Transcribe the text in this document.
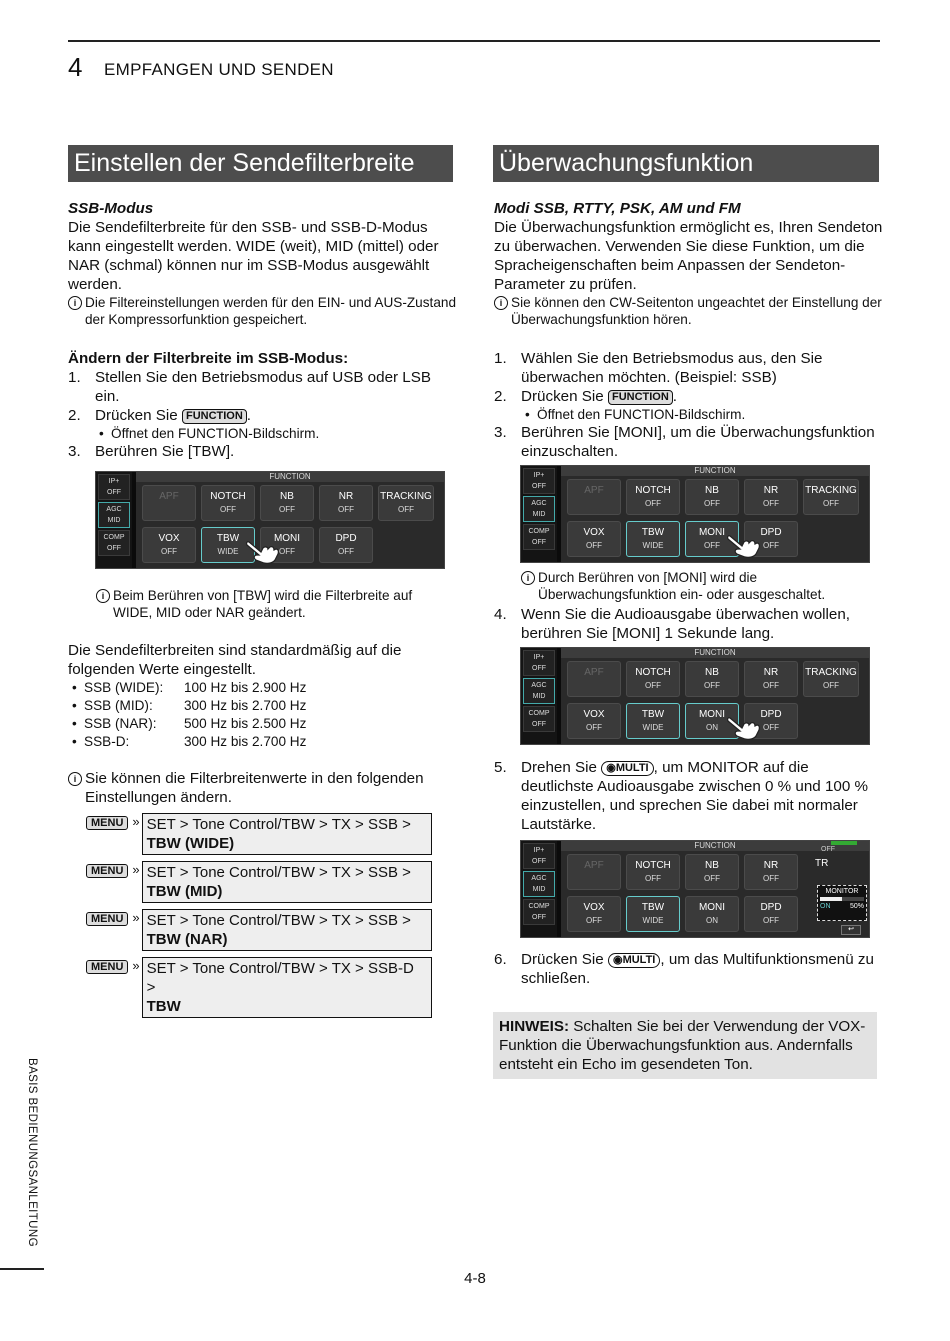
4 EMPFANGEN UND SENDEN
Einstellen der Sendefilterbreite

SSB-Modus

Die Sendefilterbreite für den SSB- und SSB-D-Modus kann eingestellt werden. WIDE (weit), MID (mittel) oder NAR (schmal) können nur im SSB-Modus ausgewählt werden.

i Die Filtereinstellungen werden für den EIN- und AUS-Zustand der Kompressorfunktion gespeichert.

Ändern der Filterbreite im SSB-Modus:

1. Stellen Sie den Betriebsmodus auf USB oder LSB ein.
2. Drücken Sie FUNCTION .
• Öffnet den FUNCTION-Bildschirm.
3. Berühren Sie [TBW].
IP+
OFF
AGC
MID
COMP
OFF
FUNCTION
APF	NOTCH
OFF
NB
OFF
NR
OFF
TRACKING
OFF
VOX
OFF
TBW
WIDE
MONI
OFF
DPD
OFF
i Beim Berühren von [TBW] wird die Filterbreite auf WIDE, MID oder NAR geändert.

Die Sendefilterbreiten sind standardmäßig auf die folgenden Werte eingestellt.

• SSB (WIDE):	100 Hz bis 2.900 Hz
• SSB (MID):	300 Hz bis 2.700 Hz
• SSB (NAR):	500 Hz bis 2.500 Hz
• SSB-D:	300 Hz bis 2.700 Hz
i Sie können die Filterbreitenwerte in den folgenden Einstellungen ändern.
MENU » SET > Tone Control/TBW > TX > SSB >
TBW (WIDE)
MENU » SET > Tone Control/TBW > TX > SSB >
TBW (MID)
MENU » SET > Tone Control/TBW > TX > SSB >
TBW (NAR)
MENU » SET > Tone Control/TBW > TX > SSB-D >
TBW
Überwachungsfunktion

Modi SSB, RTTY, PSK, AM und FM

Die Überwachungsfunktion ermöglicht es, Ihren Sendeton zu überwachen. Verwenden Sie diese Funktion, um die Spracheigenschaften beim Anpassen der Sendeton-Parameter zu prüfen.

i Sie können den CW-Seitenton ungeachtet der Einstellung der Überwachungsfunktion hören.
1. Wählen Sie den Betriebsmodus aus, den Sie überwachen möchten. (Beispiel: SSB)
2. Drücken Sie FUNCTION .
• Öffnet den FUNCTION-Bildschirm.
3. Berühren Sie [MONI], um die Überwachungsfunktion einzuschalten.
IP+
OFF
AGC
MID
COMP
OFF
FUNCTION
APF	NOTCH
OFF
NB
OFF
NR
OFF
TRACKING
OFF
VOX
OFF
TBW
WIDE
MONI
OFF
DPD
OFF
i Durch Berühren von [MONI] wird die Überwachungsfunktion ein- oder ausgeschaltet.
4. Wenn Sie die Audioausgabe überwachen wollen, berühren Sie [MONI] 1 Sekunde lang.
IP+
OFF
AGC
MID
COMP
OFF
FUNCTION
APF	NOTCH
OFF
NB
OFF
NR
OFF
TRACKING
OFF
VOX
OFF
TBW
WIDE
MONI
ON
DPD
OFF
5. Drehen Sie ◉MULTI , um MONITOR auf die deutlichste Audioausgabe zwischen 0 % und 100 % einzustellen, und sprechen Sie dabei mit normaler Lautstärke.
IP+
OFF
AGC
MID
COMP
OFF
FUNCTION
APF	NOTCH
OFF
NB
OFF
NR
OFF
VOX
OFF
TBW
WIDE
MONI
ON
DPD
OFF
TR
OFF
MONITOR
ON	50%
↩
6. Drücken Sie ◉MULTI , um das Multifunktionsmenü zu schließen.
HINWEIS: Schalten Sie bei der Verwendung der VOX-Funktion die Überwachungsfunktion aus. Andernfalls entsteht ein Echo im gesendeten Ton.
BASIS BEDIENUNGSANLEITUNG
4-8
